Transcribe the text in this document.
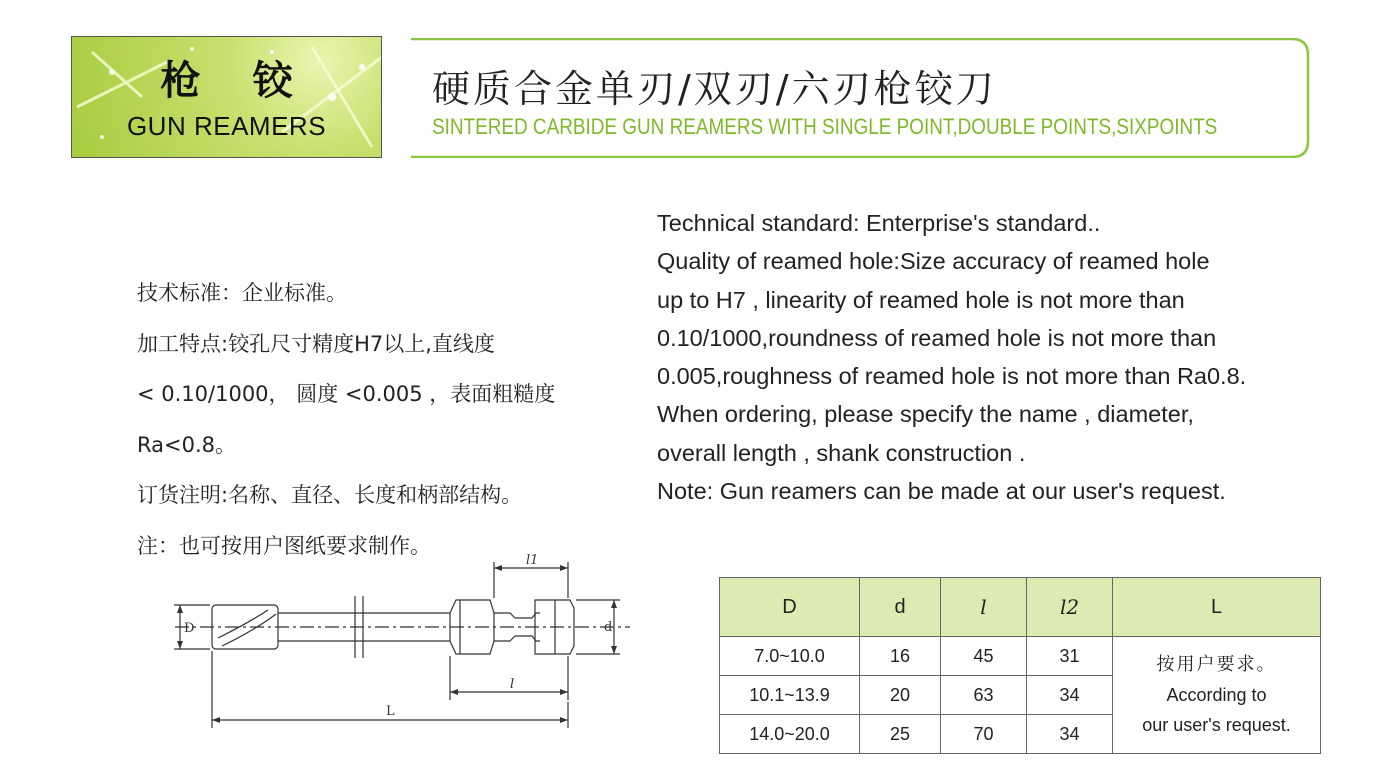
枪铰
GUN REAMERS
硬质合金单刃/双刃/六刃枪铰刀
SINTERED CARBIDE GUN REAMERS WITH SINGLE POINT,DOUBLE POINTS,SIXPOINTS
技术标准：企业标准。
加工特点:铰孔尺寸精度H7以上,直线度
< 0.10/1000， 圆度 <0.005 ，表面粗糙度
Ra<0.8。
订货注明:名称、直径、长度和柄部结构。
注：也可按用户图纸要求制作。
Technical standard: Enterprise's standard..
Quality of reamed hole:Size accuracy of reamed hole
up to H7 , linearity of reamed hole is not more than
0.10/1000,roundness of reamed hole is not more than
0.005,roughness of reamed hole is not more than Ra0.8.
When ordering, please specify the name , diameter,
overall length , shank construction .
Note: Gun reamers can be made at our user's request.
D	d
l1
l
L
D	d	l	l2	L
7.0~10.0	16	45	31	按用户要求。
According to
our user's request.

10.1~13.9	20	63	34	
14.0~20.0	25	70	34	
